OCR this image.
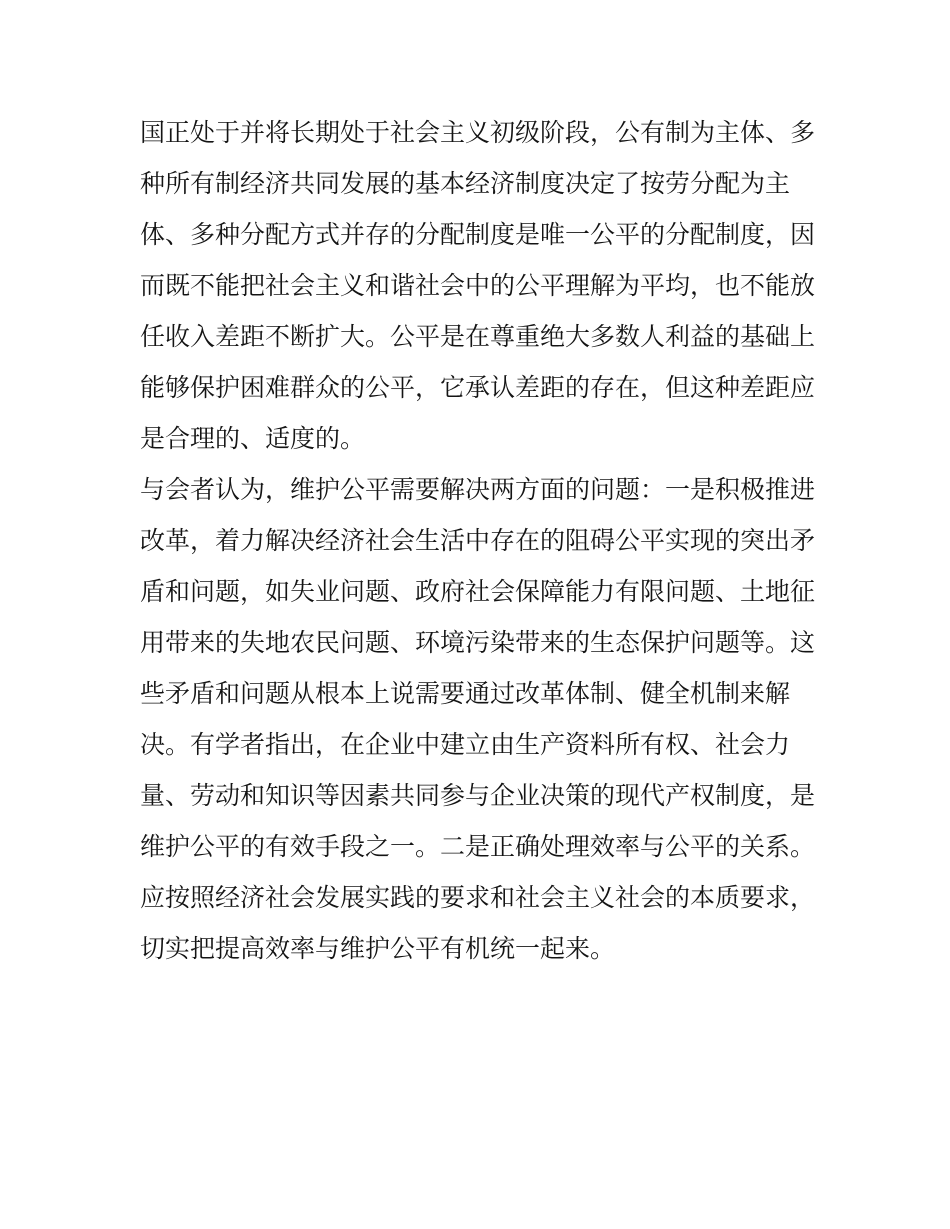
国正处于并将长期处于社会主义初级阶段，公有制为主体、多
种所有制经济共同发展的基本经济制度决定了按劳分配为主
体、多种分配方式并存的分配制度是唯一公平的分配制度，因
而既不能把社会主义和谐社会中的公平理解为平均，也不能放
任收入差距不断扩大。公平是在尊重绝大多数人利益的基础上
能够保护困难群众的公平，它承认差距的存在，但这种差距应
是合理的、适度的。
与会者认为，维护公平需要解决两方面的问题：一是积极推进
改革，着力解决经济社会生活中存在的阻碍公平实现的突出矛
盾和问题，如失业问题、政府社会保障能力有限问题、土地征
用带来的失地农民问题、环境污染带来的生态保护问题等。这
些矛盾和问题从根本上说需要通过改革体制、健全机制来解
决。有学者指出，在企业中建立由生产资料所有权、社会力
量、劳动和知识等因素共同参与企业决策的现代产权制度，是
维护公平的有效手段之一。二是正确处理效率与公平的关系。
应按照经济社会发展实践的要求和社会主义社会的本质要求，
切实把提高效率与维护公平有机统一起来。
